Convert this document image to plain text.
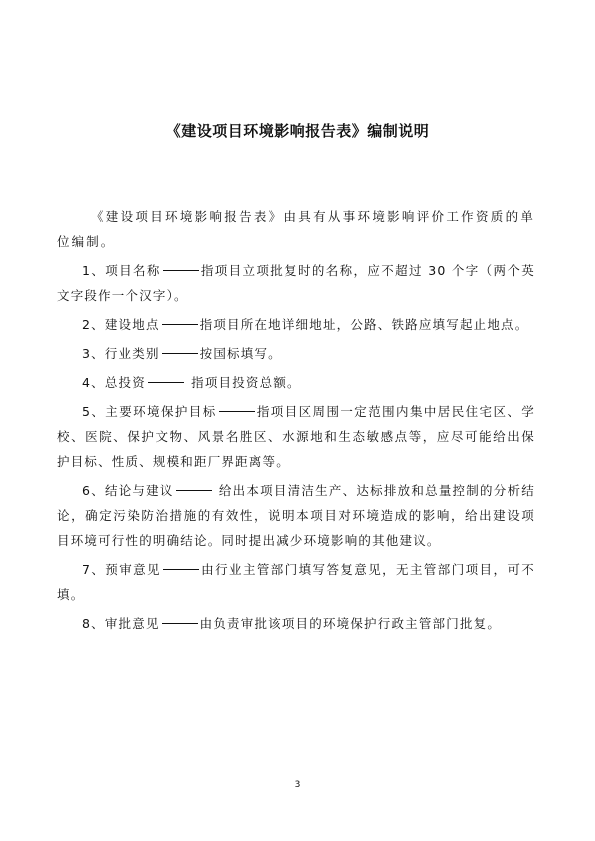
《建设项目环境影响报告表》编制说明

《建设项目环境影响报告表》由具有从事环境影响评价工作资质的单位编制。

1、项目名称	指项目立项批复时的名称，应不超过 30 个字（两个英文字段作一个汉字）。

2、建设地点	指项目所在地详细地址，公路、铁路应填写起止地点。

3、行业类别	按国标填写。

4、总投资	指项目投资总额。

5、主要环境保护目标	指项目区周围一定范围内集中居民住宅区、学校、医院、保护文物、风景名胜区、水源地和生态敏感点等，应尽可能给出保护目标、性质、规模和距厂界距离等。

6、结论与建议	给出本项目清洁生产、达标排放和总量控制的分析结论，确定污染防治措施的有效性，说明本项目对环境造成的影响，给出建设项目环境可行性的明确结论。同时提出减少环境影响的其他建议。

7、预审意见	由行业主管部门填写答复意见，无主管部门项目，可不填。

8、审批意见	由负责审批该项目的环境保护行政主管部门批复。

3
